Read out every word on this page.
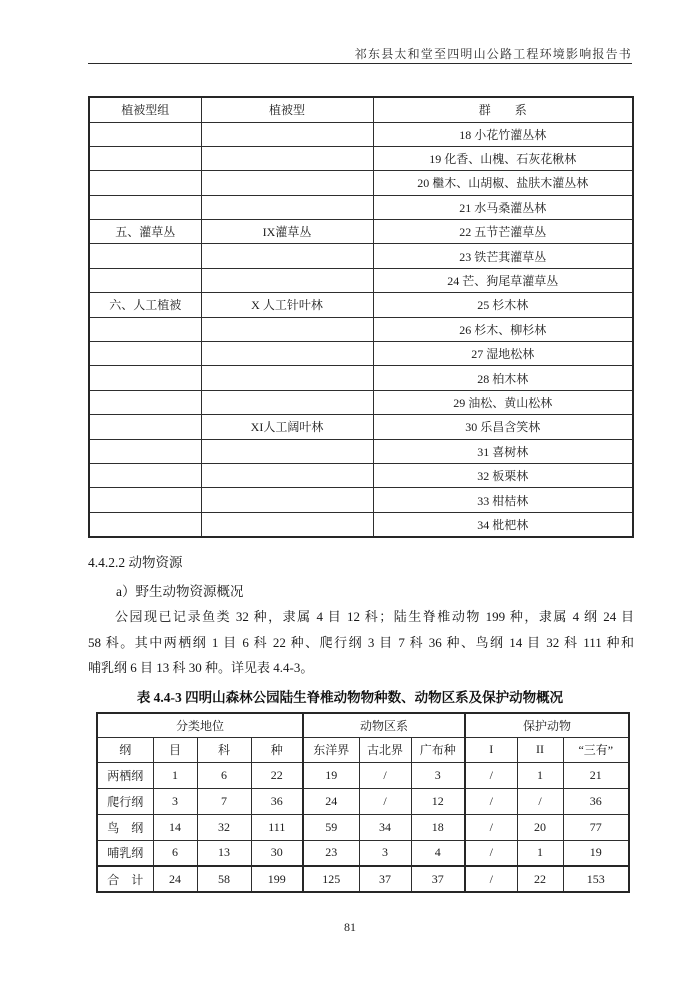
祁东县太和堂至四明山公路工程环境影响报告书
植被型组	植被型	群　　系
		18 小花竹灌丛林
		19 化香、山槐、石灰花楸林
		20 檵木、山胡椒、盐肤木灌丛林
		21 水马桑灌丛林
五、灌草丛	IX灌草丛	22 五节芒灌草丛
		23 铁芒萁灌草丛
		24 芒、狗尾草灌草丛
六、人工植被	X 人工针叶林	25 杉木林
		26 杉木、柳杉林
		27 湿地松林
		28 柏木林
		29 油松、黄山松林
	XI人工阔叶林	30 乐昌含笑林
		31 喜树林
		32 板栗林
		33 柑桔林
		34 枇杷林
4.4.2.2 动物资源
a）野生动物资源概况
公园现已记录鱼类 32 种，隶属 4 目 12 科；陆生脊椎动物 199 种，隶属 4 纲 24 目
58 科。其中两栖纲 1 目 6 科 22 种、爬行纲 3 目 7 科 36 种、鸟纲 14 目 32 科 111 种和
哺乳纲 6 目 13 科 30 种。详见表 4.4-3。
表 4.4-3 四明山森林公园陆生脊椎动物物种数、动物区系及保护动物概况
分类地位				动物区系			保护动物		
纲	目	科	种	东洋界	古北界	广布种	I	II	“三有”
两栖纲	1	6	22	19	/	3	/	1	21
爬行纲	3	7	36	24	/	12	/	/	36
鸟　纲	14	32	111	59	34	18	/	20	77
哺乳纲	6	13	30	23	3	4	/	1	19
合　计	24	58	199	125	37	37	/	22	153
81
